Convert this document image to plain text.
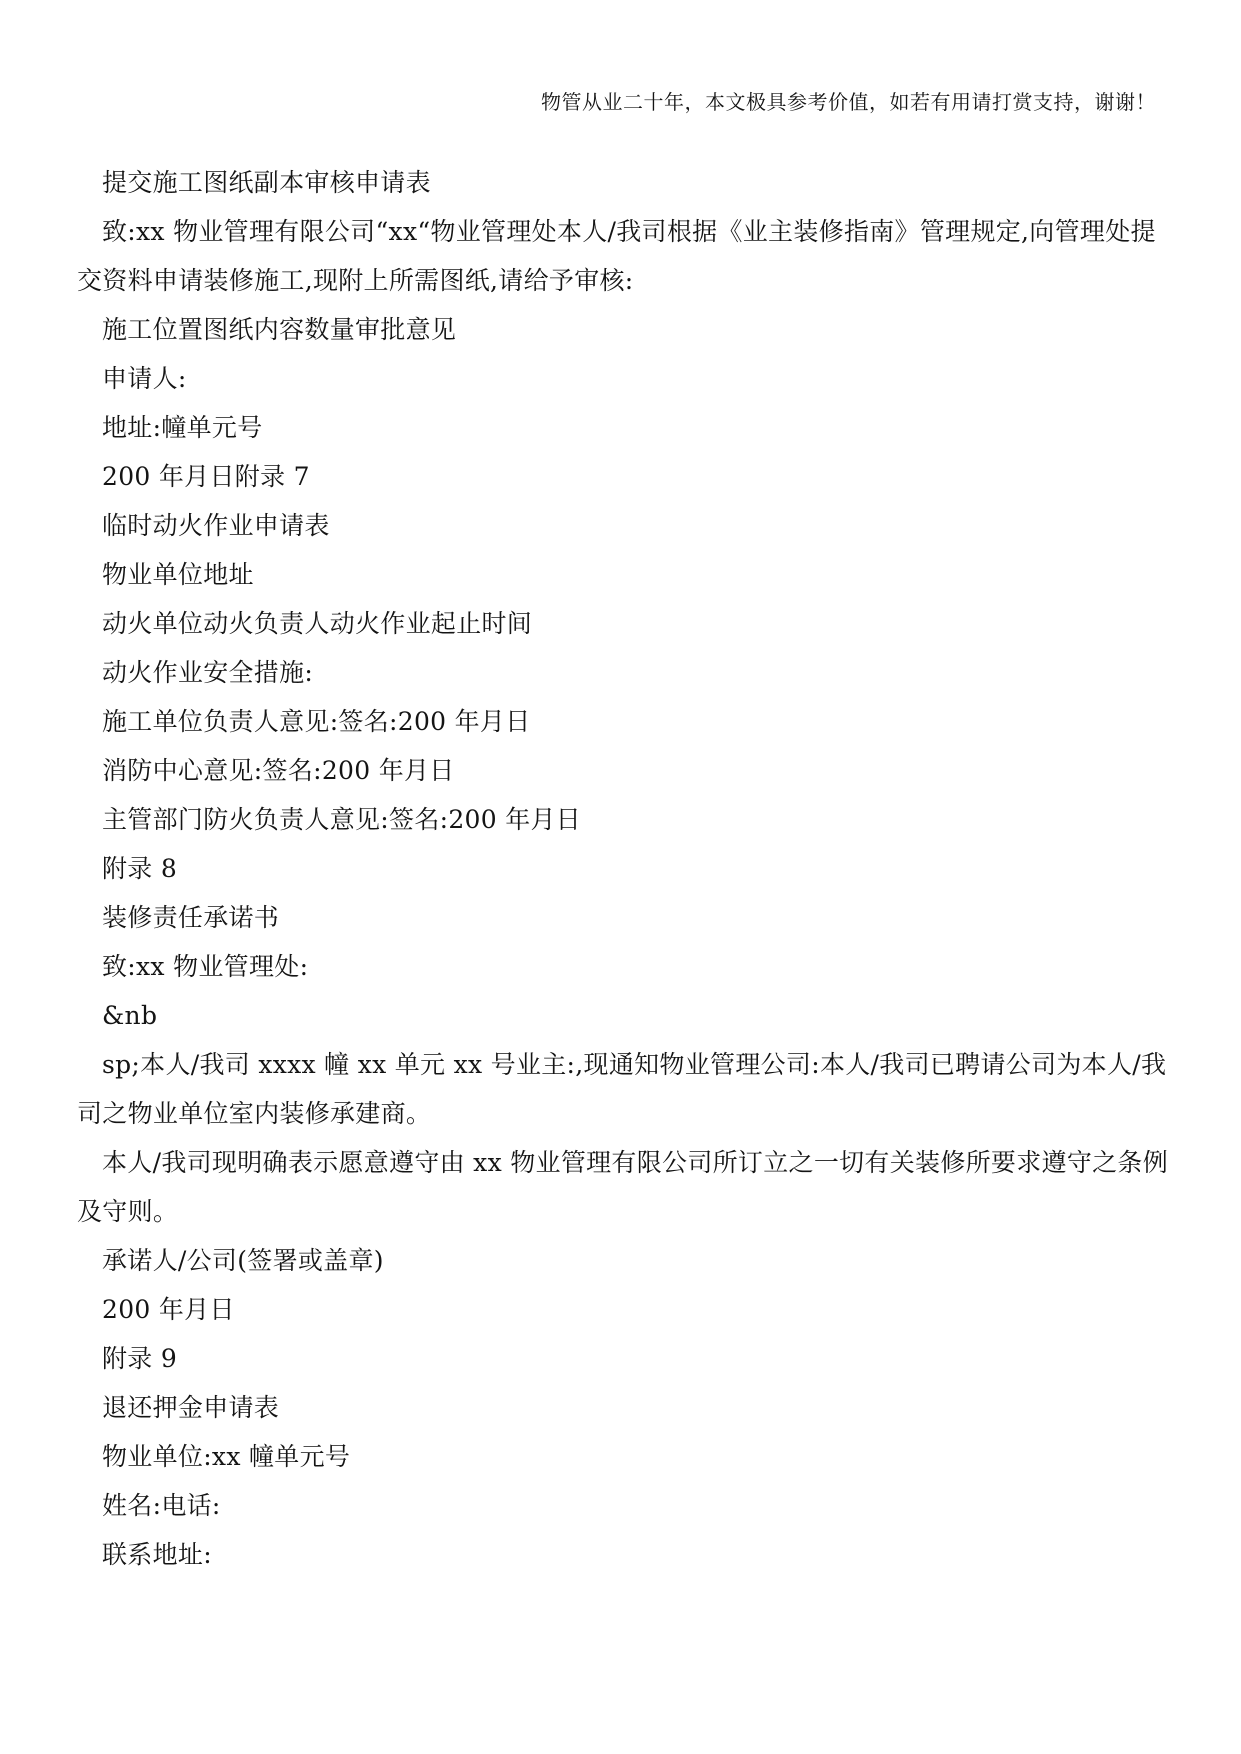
物管从业二十年，本文极具参考价值，如若有用请打赏支持，谢谢！

提交施工图纸副本审核申请表

致:xx 物业管理有限公司“xx“物业管理处本人/我司根据《业主装修指南》管理规定,向管理处提交资料申请装修施工,现附上所需图纸,请给予审核:

施工位置图纸内容数量审批意见

申请人:

地址:幢单元号

200 年月日附录 7

临时动火作业申请表

物业单位地址

动火单位动火负责人动火作业起止时间

动火作业安全措施:

施工单位负责人意见:签名:200 年月日

消防中心意见:签名:200 年月日

主管部门防火负责人意见:签名:200 年月日

附录 8

装修责任承诺书

致:xx 物业管理处:

&nb

sp;本人/我司 xxxx 幢 xx 单元 xx 号业主:,现通知物业管理公司:本人/我司已聘请公司为本人/我司之物业单位室内装修承建商。

本人/我司现明确表示愿意遵守由 xx 物业管理有限公司所订立之一切有关装修所要求遵守之条例及守则。

承诺人/公司(签署或盖章)

200 年月日

附录 9

退还押金申请表

物业单位:xx 幢单元号

姓名:电话:

联系地址:
